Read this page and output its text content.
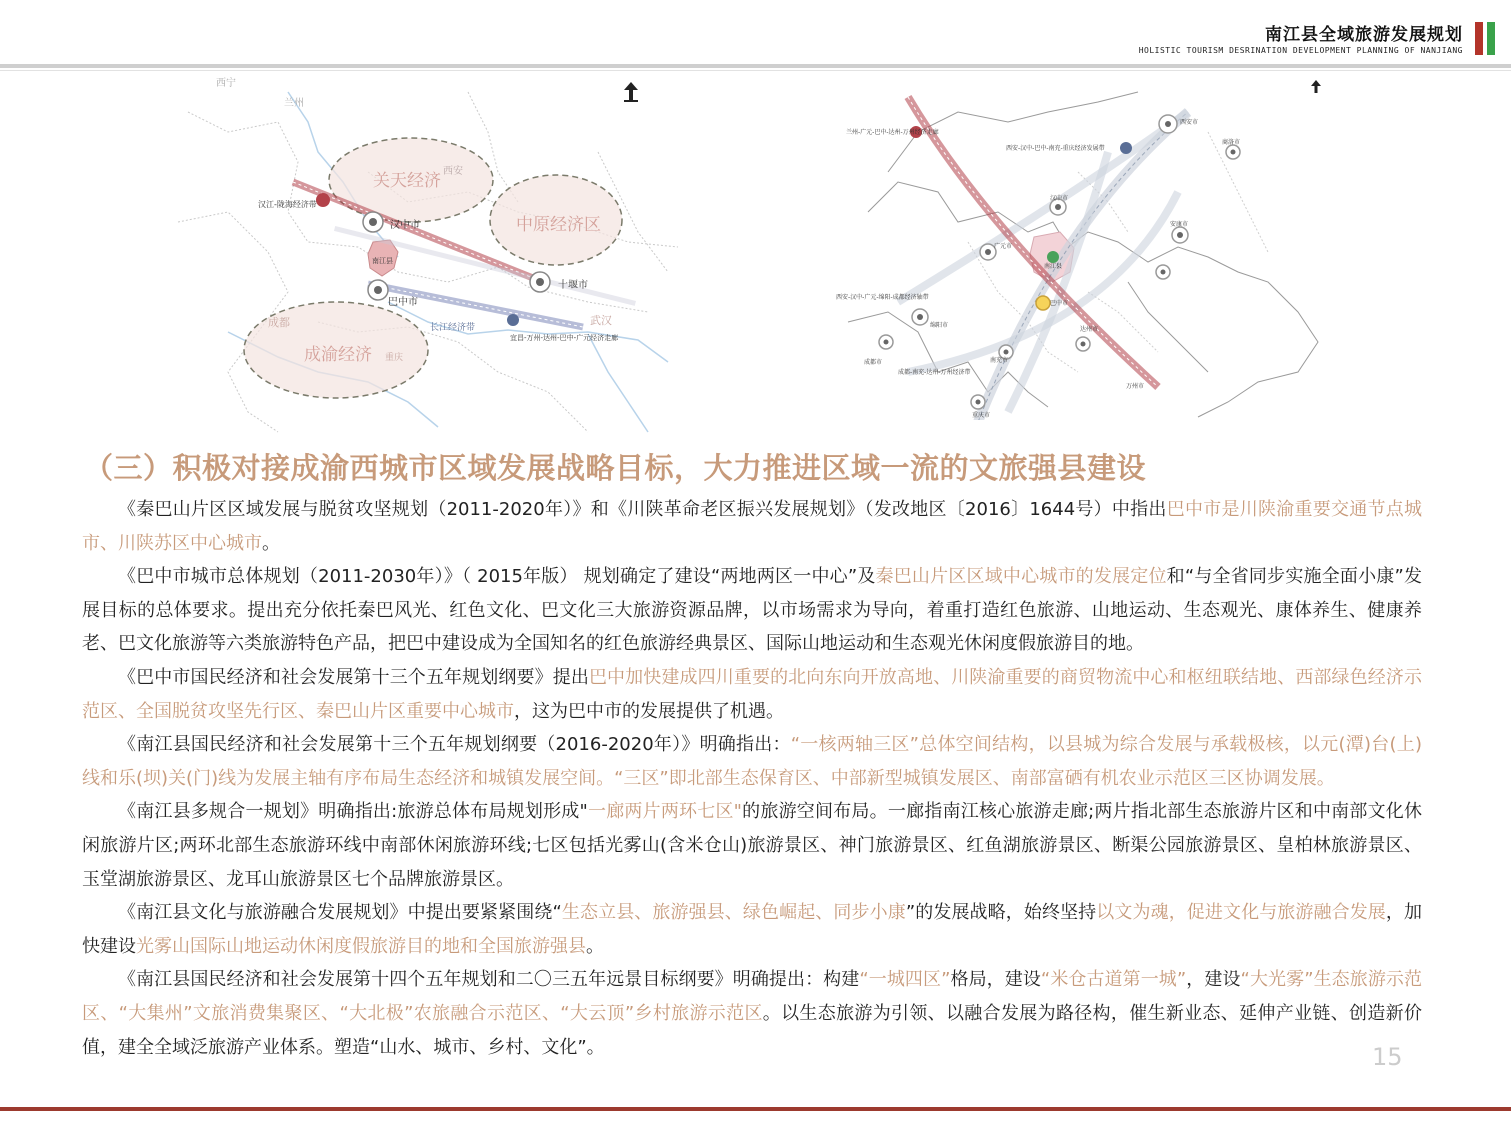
南江县全域旅游发展规划
HOLISTIC TOURISM DESRINATION DEVELOPMENT PLANNING OF NANJIANG
西宁
兰州
关天经济 西安
汉江-陇海经济带
汉中市	中原经济区
南江县
十堰市
巴中市
成都	长江经济带
武汉
成渝经济 重庆
宜昌-万州-达州-巴中-广元经济走廊
兰州-广元-巴中-达州-万州经济走廊
西安市
西安-汉中-巴中-南充-重庆经济发展带
商洛市
汉中市
安康市
广元市
南江县
巴中市
西安-汉中-广元-绵阳-成都经济轴带
绵阳市
达州市
南充市
成都市
成都-南充-达州-万州经济带
万州市
重庆市
（三）积极对接成渝西城市区域发展战略目标，大力推进区域一流的文旅强县建设

《秦巴山片区区域发展与脱贫攻坚规划（2011-2020年）》和《川陕革命老区振兴发展规划》（发改地区〔2016〕1644号）中指出巴中市是川陕渝重要交通节点城市、川陕苏区中心城市。

《巴中市城市总体规划（2011-2030年）》（ 2015年版） 规划确定了建设“两地两区一中心”及秦巴山片区区域中心城市的发展定位和“与全省同步实施全面小康”发展目标的总体要求。提出充分依托秦巴风光、红色文化、巴文化三大旅游资源品牌，以市场需求为导向，着重打造红色旅游、山地运动、生态观光、康体养生、健康养老、巴文化旅游等六类旅游特色产品，把巴中建设成为全国知名的红色旅游经典景区、国际山地运动和生态观光休闲度假旅游目的地。

《巴中市国民经济和社会发展第十三个五年规划纲要》提出巴中加快建成四川重要的北向东向开放高地、川陕渝重要的商贸物流中心和枢纽联结地、西部绿色经济示范区、全国脱贫攻坚先行区、秦巴山片区重要中心城市，这为巴中市的发展提供了机遇。

《南江县国民经济和社会发展第十三个五年规划纲要（2016-2020年）》明确指出：“一核两轴三区”总体空间结构，以县城为综合发展与承载极核，以元(潭)台(上)线和乐(坝)关(门)线为发展主轴有序布局生态经济和城镇发展空间。“三区”即北部生态保育区、中部新型城镇发展区、南部富硒有机农业示范区三区协调发展。

《南江县多规合一规划》明确指出:旅游总体布局规划形成"一廊两片两环七区"的旅游空间布局。一廊指南江核心旅游走廊;两片指北部生态旅游片区和中南部文化休闲旅游片区;两环北部生态旅游环线中南部休闲旅游环线;七区包括光雾山(含米仓山)旅游景区、神门旅游景区、红鱼湖旅游景区、断渠公园旅游景区、皇柏林旅游景区、玉堂湖旅游景区、龙耳山旅游景区七个品牌旅游景区。

《南江县文化与旅游融合发展规划》中提出要紧紧围绕“生态立县、旅游强县、绿色崛起、同步小康”的发展战略，始终坚持以文为魂，促进文化与旅游融合发展，加快建设光雾山国际山地运动休闲度假旅游目的地和全国旅游强县。

《南江县国民经济和社会发展第十四个五年规划和二〇三五年远景目标纲要》明确提出：构建“一城四区”格局，建设“米仓古道第一城”，建设“大光雾”生态旅游示范区、“大集州”文旅消费集聚区、“大北极”农旅融合示范区、“大云顶”乡村旅游示范区。以生态旅游为引领、以融合发展为路径构，催生新业态、延伸产业链、创造新价值，建全全域泛旅游产业体系。塑造“山水、城市、乡村、文化”。	15
